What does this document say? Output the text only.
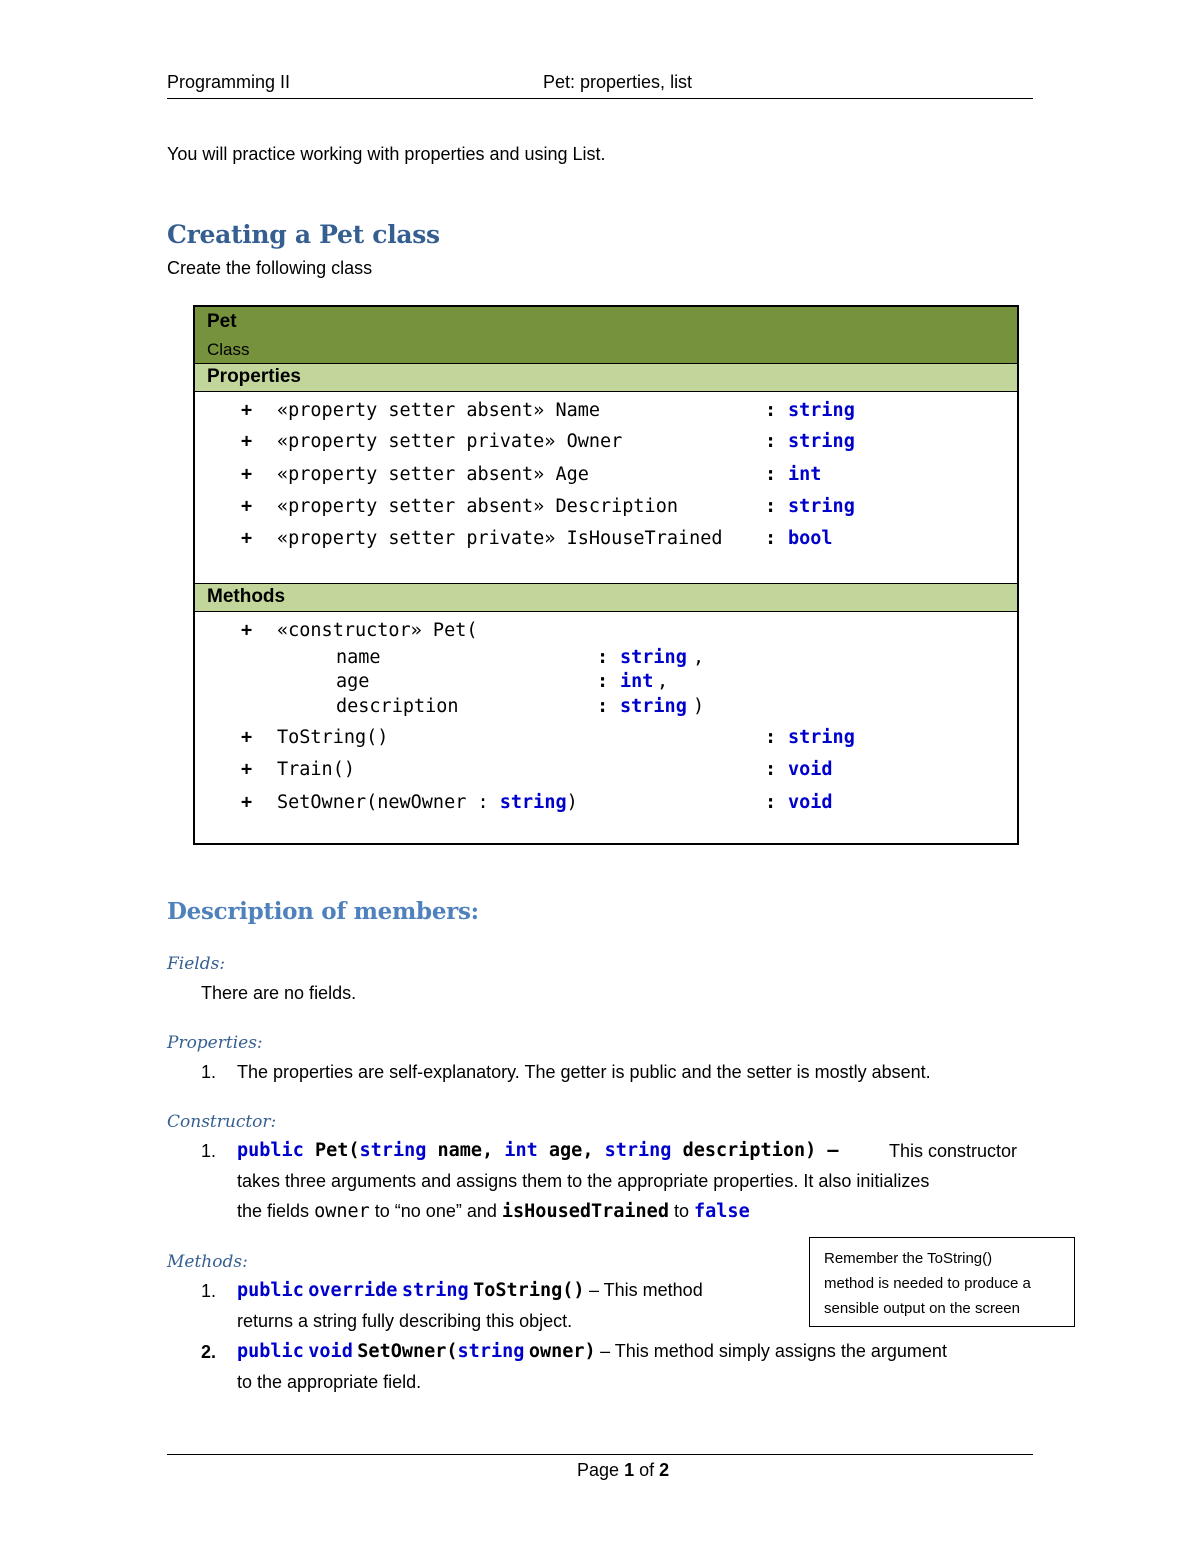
Programming II	Pet: properties, list
You will practice working with properties and using List.
Creating a Pet class
Create the following class
Pet
Class
Properties
+ «property setter absent» Name	: string
+ «property setter private» Owner	: string
+ «property setter absent» Age	: int
+ «property setter absent» Description	: string
+ «property setter private» IsHouseTrained : bool
Methods
+ «constructor» Pet(
name	: string ,
age	: int ,
description	: string )
+ ToString()	: string
+ Train()	: void
+ SetOwner(newOwner : string)	: void
Description of members:
Fields:
There are no fields.
Properties:
1. The properties are self-explanatory. The getter is public and the setter is mostly absent.
Constructor:
1. public Pet(string name, int age, string description) –	This constructor
takes three arguments and assigns them to the appropriate properties. It also initializes
the fields owner to “no one” and isHousedTrained to false
Methods:
1. public override string ToString() – This method
returns a string fully describing this object.
2. public void SetOwner(string owner) – This method simply assigns the argument
to the appropriate field.
Remember the ToString()
method is needed to produce a
sensible output on the screen
Page 1 of 2
